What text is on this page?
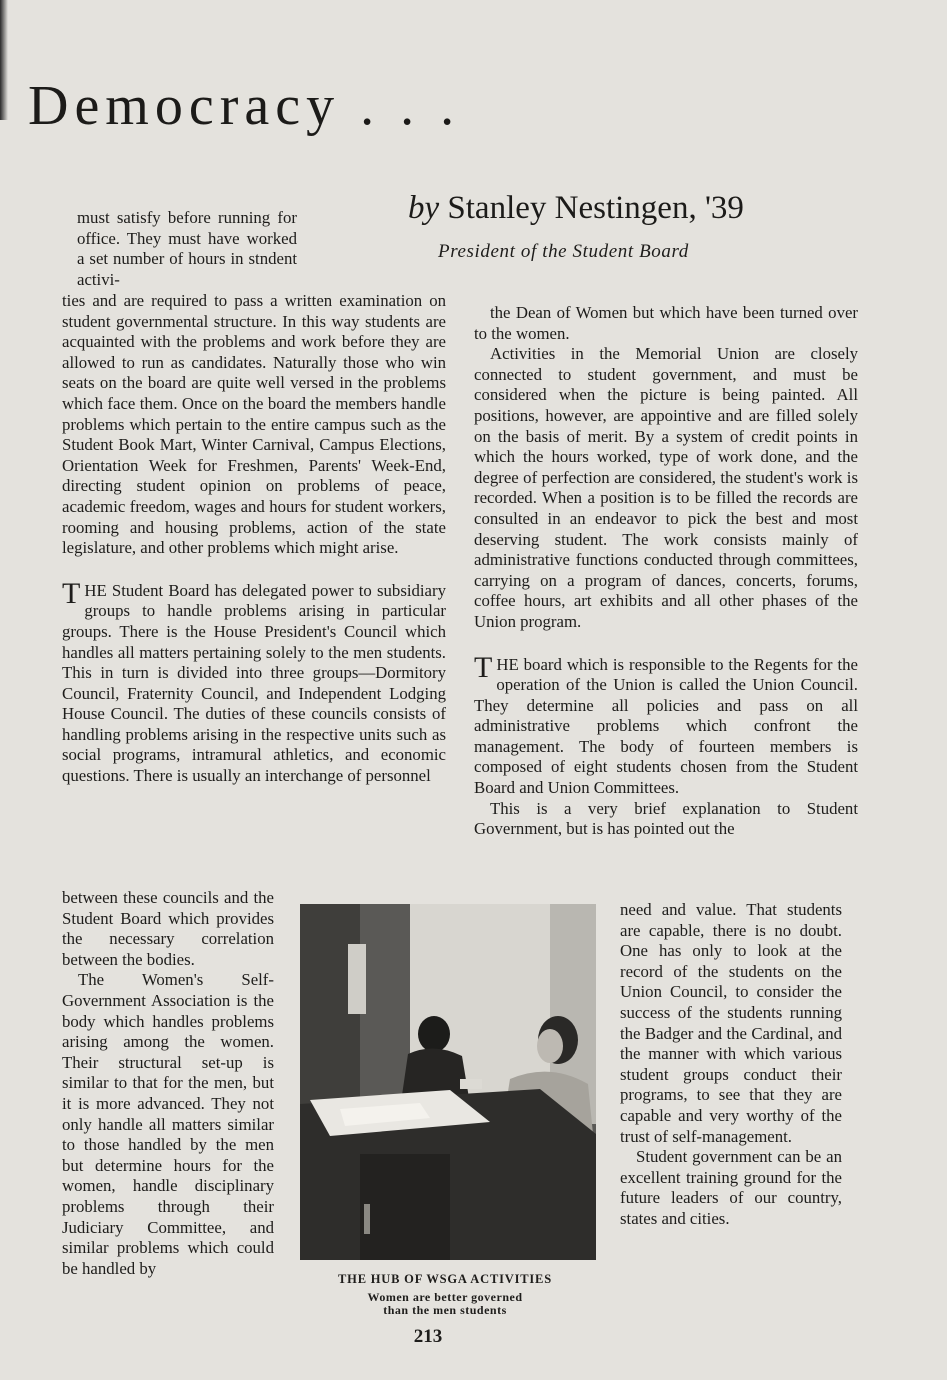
Democracy . . .
by Stanley Nestingen, '39
President of the Student Board

must satisfy before running for office. They must have worked a set number of hours in stndent activi-

ties and are required to pass a written examination on student governmental structure. In this way students are acquainted with the problems and work before they are allowed to run as candidates. Naturally those who win seats on the board are quite well versed in the problems which face them. Once on the board the members handle problems which pertain to the entire campus such as the Student Book Mart, Winter Carnival, Campus Elections, Orientation Week for Freshmen, Parents' Week-End, directing student opinion on problems of peace, academic freedom, wages and hours for student workers, rooming and housing problems, action of the state legislature, and other problems which might arise.

THE Student Board has delegated power to subsidiary groups to handle problems arising in particular groups. There is the House President's Council which handles all matters pertaining solely to the men students. This in turn is divided into three groups—Dormitory Council, Fraternity Council, and Independent Lodging House Council. The duties of these councils consists of handling problems arising in the respective units such as social programs, intramural athletics, and economic questions. There is usually an interchange of personnel

between these councils and the Student Board which provides the necessary correlation between the bodies.

The Women's Self-Government Association is the body which handles problems arising among the women. Their structural set-up is similar to that for the men, but it is more advanced. They not only handle all matters similar to those handled by the men but determine hours for the women, handle disciplinary problems through their Judiciary Committee, and similar problems which could be handled by

the Dean of Women but which have been turned over to the women.

Activities in the Memorial Union are closely connected to student government, and must be considered when the picture is being painted. All positions, however, are appointive and are filled solely on the basis of merit. By a system of credit points in which the hours worked, type of work done, and the degree of perfection are considered, the student's work is recorded. When a position is to be filled the records are consulted in an endeavor to pick the best and most deserving student. The work consists mainly of administrative functions conducted through committees, carrying on a program of dances, concerts, forums, coffee hours, art exhibits and all other phases of the Union program.

THE board which is responsible to the Regents for the operation of the Union is called the Union Council. They determine all policies and pass on all administrative problems which confront the management. The body of fourteen members is composed of eight students chosen from the Student Board and Union Committees.

This is a very brief explanation to Student Government, but is has pointed out the

need and value. That students are capable, there is no doubt. One has only to look at the record of the students on the Union Council, to consider the success of the students running the Badger and the Cardinal, and the manner with which various student groups conduct their programs, to see that they are capable and very worthy of the trust of self-management.

Student government can be an excellent training ground for the future leaders of our country, states and cities.

THE HUB OF WSGA ACTIVITIES
Women are better governed
than the men students
213
